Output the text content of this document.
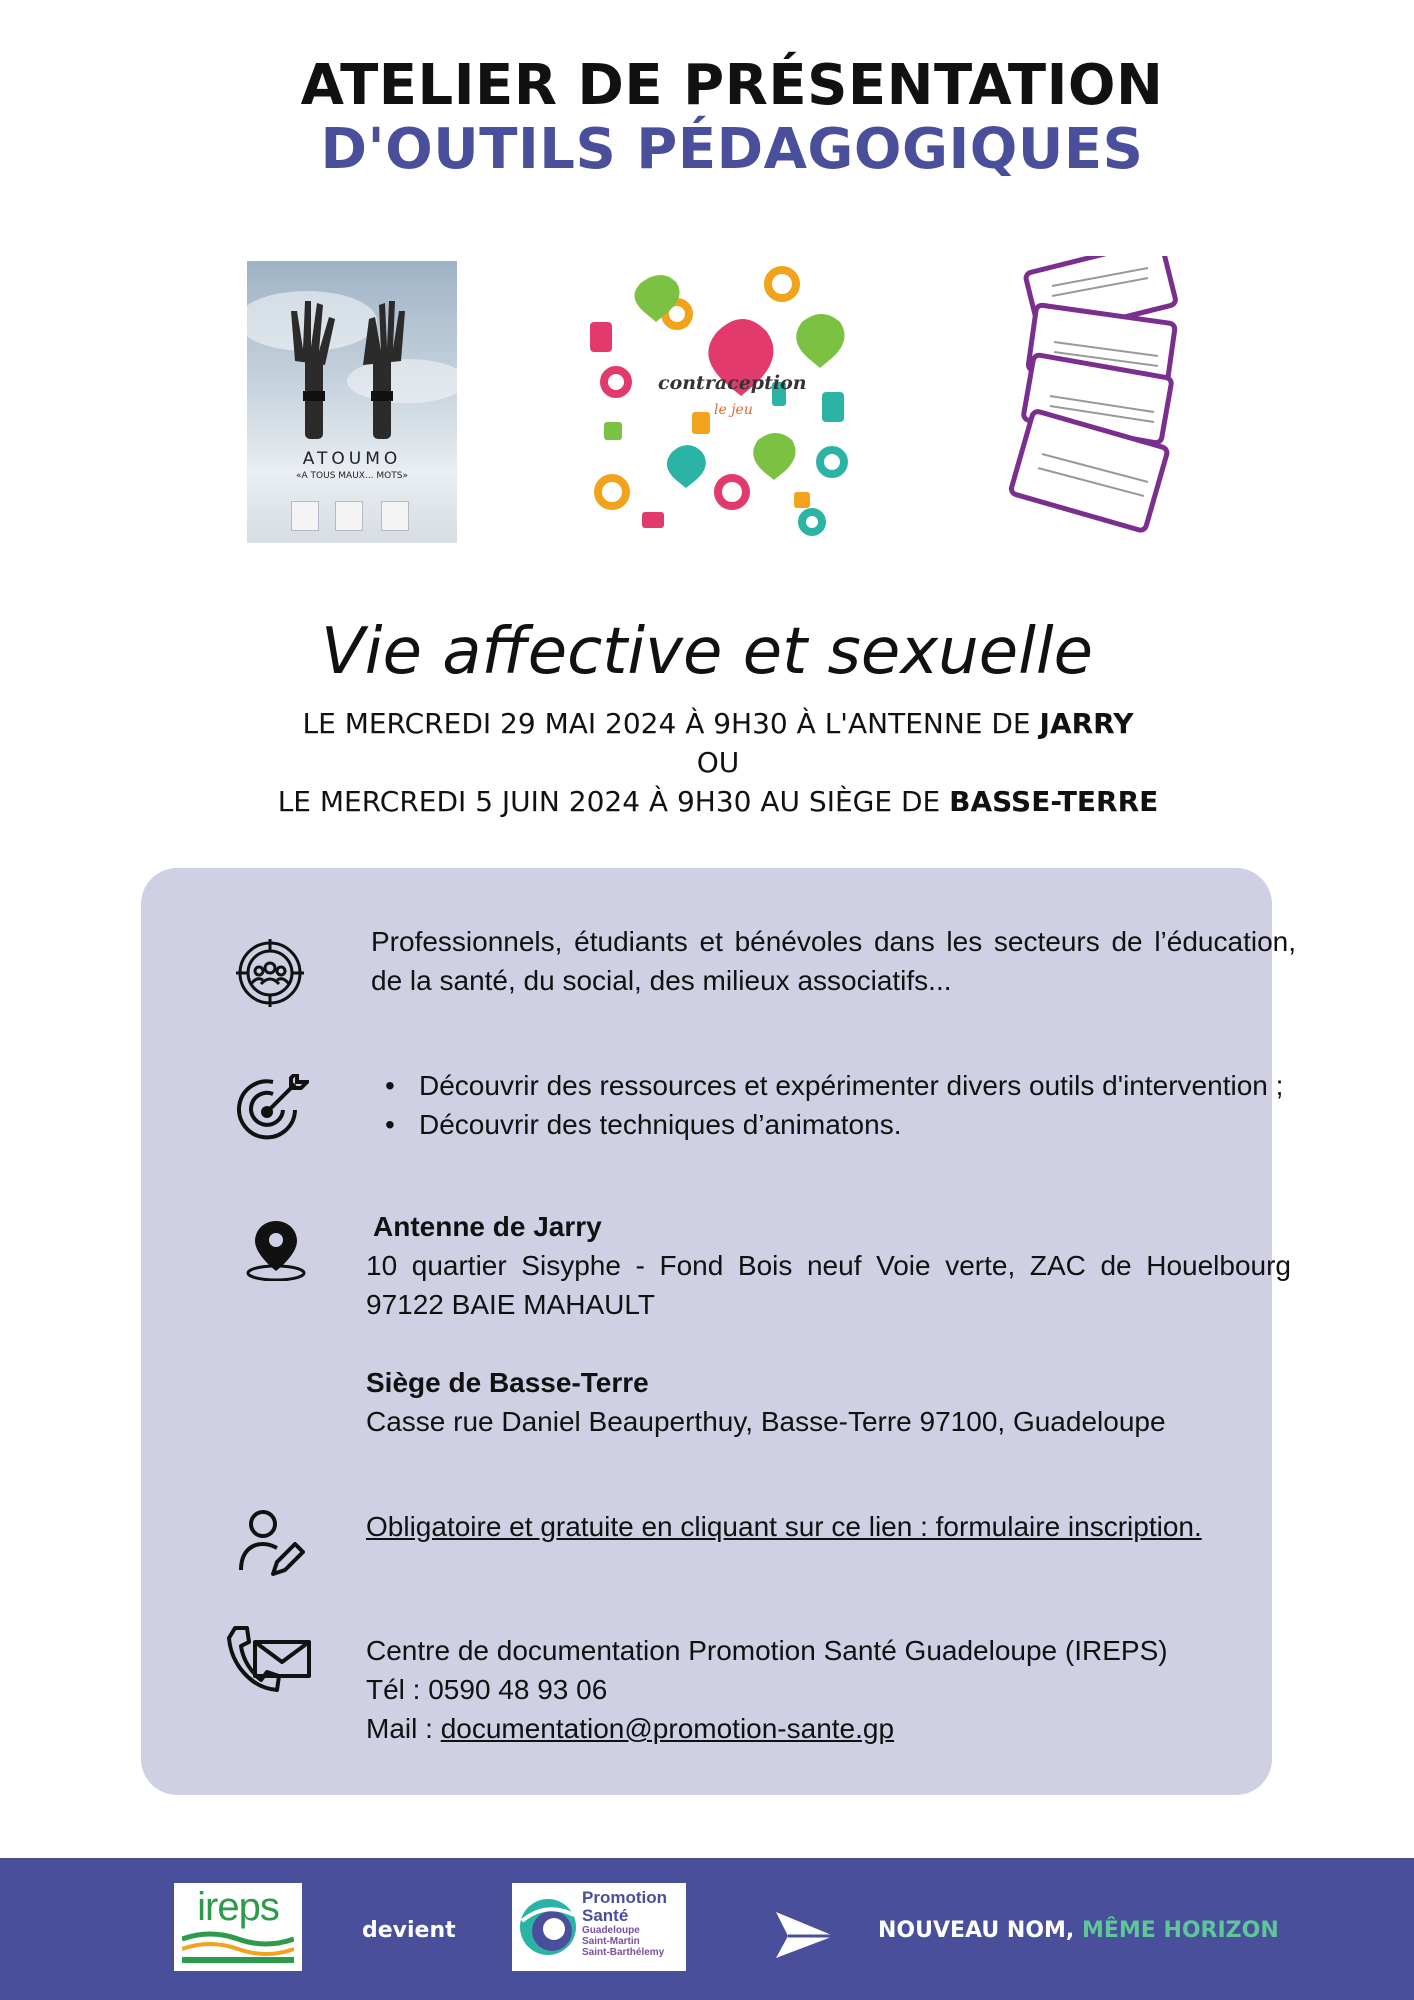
ATELIER DE PRÉSENTATION
D'OUTILS PÉDAGOGIQUES
ATOUMO
«A TOUS MAUX... MOTS»
contraception
le jeu
Vie affective et sexuelle
LE MERCREDI 29 MAI 2024 À 9H30 À L'ANTENNE DE JARRY
OU
LE MERCREDI 5 JUIN 2024 À 9H30 AU SIÈGE DE BASSE-TERRE
Professionnels, étudiants et bénévoles dans les secteurs de l’éducation, de la santé, du social, des milieux associatifs...
• Découvrir des ressources et expérimenter divers outils d'intervention ;
• Découvrir des techniques d’animatons.
Antenne de Jarry
10 quartier Sisyphe - Fond Bois neuf Voie verte, ZAC de Houelbourg 97122 BAIE MAHAULT
Siège de Basse-Terre
Casse rue Daniel Beauperthuy, Basse-Terre 97100, Guadeloupe
Obligatoire et gratuite en cliquant sur ce lien : formulaire inscription.
Centre de documentation Promotion Santé Guadeloupe (IREPS)
Tél : 0590 48 93 06
Mail : documentation@promotion-sante.gp
ireps
devient
Promotion
Santé
Guadeloupe
Saint-Martin
Saint-Barthélemy
NOUVEAU NOM, MÊME HORIZON
